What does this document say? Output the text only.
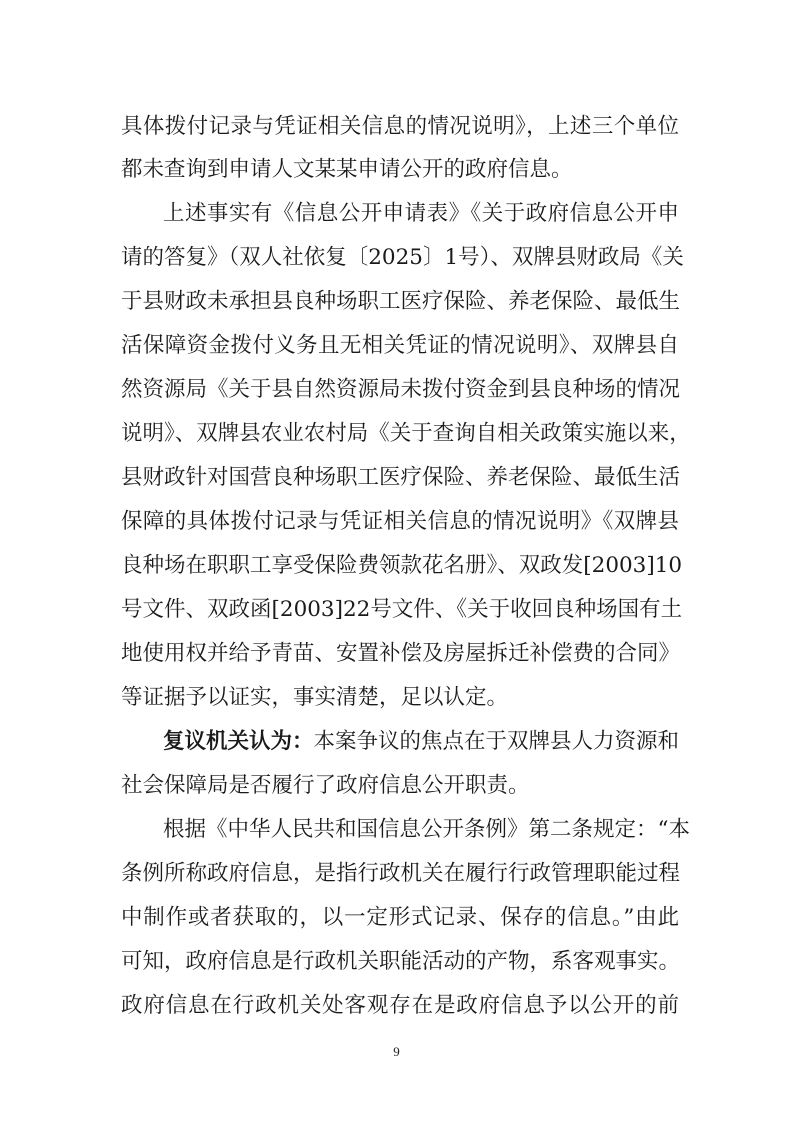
具体拨付记录与凭证相关信息的情况说明》，上述三个单位
都未查询到申请人文某某申请公开的政府信息。
上述事实有《信息公开申请表》《关于政府信息公开申
请的答复》（双人社依复〔2025〕1号）、双牌县财政局《关
于县财政未承担县良种场职工医疗保险、养老保险、最低生
活保障资金拨付义务且无相关凭证的情况说明》、双牌县自
然资源局《关于县自然资源局未拨付资金到县良种场的情况
说明》、双牌县农业农村局《关于查询自相关政策实施以来，
县财政针对国营良种场职工医疗保险、养老保险、最低生活
保障的具体拨付记录与凭证相关信息的情况说明》《双牌县
良种场在职职工享受保险费领款花名册》、双政发[2003]10
号文件、双政函[2003]22号文件、《关于收回良种场国有土
地使用权并给予青苗、安置补偿及房屋拆迁补偿费的合同》
等证据予以证实，事实清楚，足以认定。
复议机关认为：本案争议的焦点在于双牌县人力资源和
社会保障局是否履行了政府信息公开职责。
根据《中华人民共和国信息公开条例》第二条规定：“本
条例所称政府信息，是指行政机关在履行行政管理职能过程
中制作或者获取的，以一定形式记录、保存的信息。”由此
可知，政府信息是行政机关职能活动的产物，系客观事实。
政府信息在行政机关处客观存在是政府信息予以公开的前
9
